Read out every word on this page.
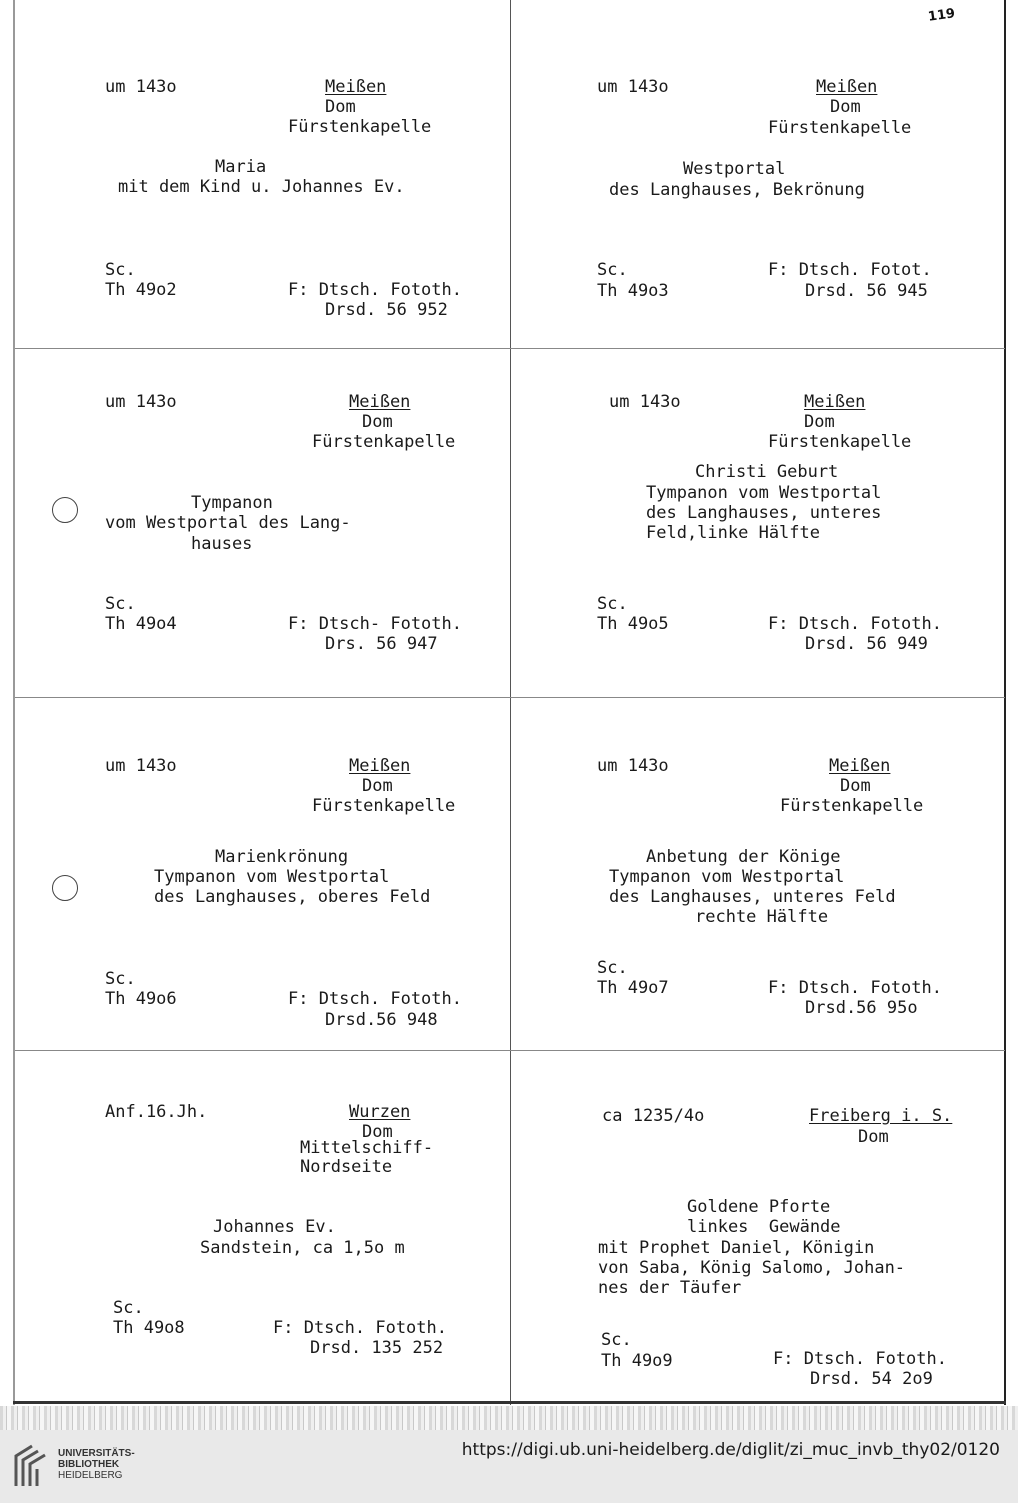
119
um 143o	Meißen
Dom
Fürstenkapelle
Maria
mit dem Kind u. Johannes Ev.
Sc.
Th 49o2	F: Dtsch. Fototh.
Drsd. 56 952
um 143o	Meißen
Dom
Fürstenkapelle
Westportal
des Langhauses, Bekrönung
Sc.
Th 49o3
F: Dtsch. Fotot.
Drsd. 56 945
um 143o	Meißen
Dom
Fürstenkapelle
Tympanon
vom Westportal des Lang-
hauses
Sc.
Th 49o4	F: Dtsch- Fototh.
Drs. 56 947
um 143o	Meißen
Dom
Fürstenkapelle
Christi Geburt
Tympanon vom Westportal
des Langhauses, unteres
Feld,linke Hälfte
Sc.
Th 49o5	F: Dtsch. Fototh.
Drsd. 56 949
um 143o	Meißen
Dom
Fürstenkapelle
Marienkrönung
Tympanon vom Westportal
des Langhauses, oberes Feld
Sc.
Th 49o6	F: Dtsch. Fototh.
Drsd.56 948
um 143o	Meißen
Dom
Fürstenkapelle
Anbetung der Könige
Tympanon vom Westportal
des Langhauses, unteres Feld
rechte Hälfte
Sc.
Th 49o7	F: Dtsch. Fototh.
Drsd.56 95o
Anf.16.Jh.	Wurzen
Dom
Mittelschiff-
Nordseite
Johannes Ev.
Sandstein, ca 1,5o m
Sc.
Th 49o8	F: Dtsch. Fototh.
Drsd. 135 252
ca 1235/4o	Freiberg i. S.
Dom
Goldene Pforte
linkes  Gewände
mit Prophet Daniel, Königin
von Saba, König Salomo, Johan-
nes der Täufer
Sc.
Th 49o9	F: Dtsch. Fototh.
Drsd. 54 2o9
UNIVERSITÄTS-
BIBLIOTHEK
HEIDELBERG
https://digi.ub.uni-heidelberg.de/diglit/zi_muc_invb_thy02/0120
